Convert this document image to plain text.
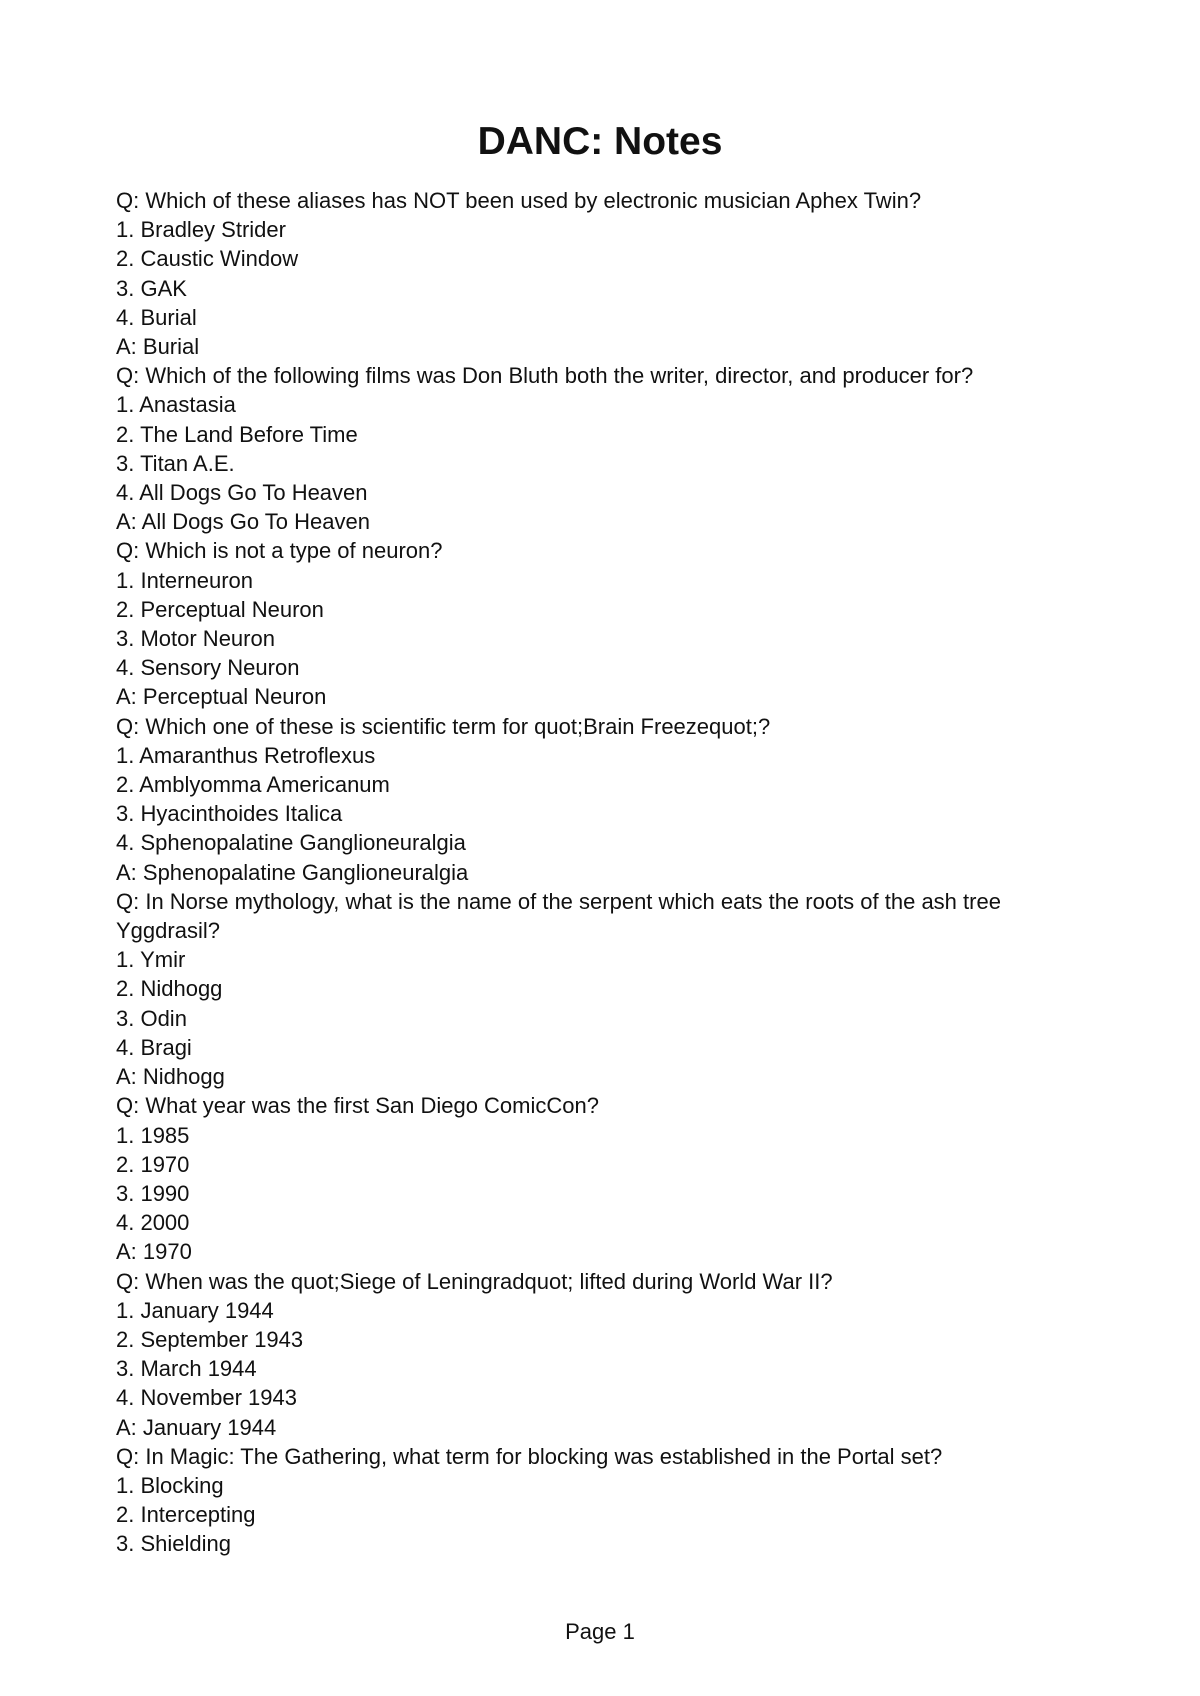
DANC: Notes

Q: Which of these aliases has NOT been used by electronic musician Aphex Twin?

1. Bradley Strider

2. Caustic Window

3. GAK

4. Burial

A: Burial

Q: Which of the following films was Don Bluth both the writer, director, and producer for?

1. Anastasia

2. The Land Before Time

3. Titan A.E.

4. All Dogs Go To Heaven

A: All Dogs Go To Heaven

Q: Which is not a type of neuron?

1. Interneuron

2. Perceptual Neuron

3. Motor Neuron

4. Sensory Neuron

A: Perceptual Neuron

Q: Which one of these is scientific term for quot;Brain Freezequot;?

1. Amaranthus Retroflexus

2. Amblyomma Americanum

3. Hyacinthoides Italica

4. Sphenopalatine Ganglioneuralgia

A: Sphenopalatine Ganglioneuralgia

Q: In Norse mythology, what is the name of the serpent which eats the roots of the ash tree Yggdrasil?

1. Ymir

2. Nidhogg

3. Odin

4. Bragi

A: Nidhogg

Q: What year was the first San Diego ComicCon?

1. 1985

2. 1970

3. 1990

4. 2000

A: 1970

Q: When was the quot;Siege of Leningradquot; lifted during World War II?

1. January 1944

2. September 1943

3. March 1944

4. November 1943

A: January 1944

Q: In Magic: The Gathering, what term for blocking was established in the Portal set?

1. Blocking

2. Intercepting

3. Shielding

Page 1
